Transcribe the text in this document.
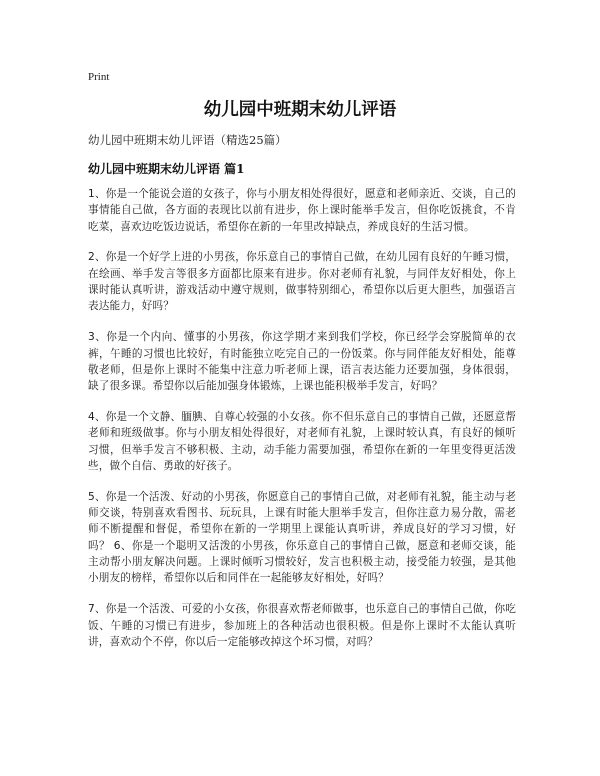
Print
幼儿园中班期末幼儿评语
幼儿园中班期末幼儿评语（精选25篇）
幼儿园中班期末幼儿评语 篇1

1、你是一个能说会道的女孩子，你与小朋友相处得很好，愿意和老师亲近、交谈，自己的事情能自己做，各方面的表现比以前有进步，你上课时能举手发言，但你吃饭挑食，不肯吃菜，喜欢边吃饭边说话，希望你在新的一年里改掉缺点，养成良好的生活习惯。

2、你是一个好学上进的小男孩，你乐意自己的事情自己做，在幼儿园有良好的午睡习惯，在绘画、举手发言等很多方面都比原来有进步。你对老师有礼貌，与同伴友好相处，你上课时能认真听讲，游戏活动中遵守规则，做事特别细心，希望你以后更大胆些，加强语言表达能力，好吗？

3、你是一个内向、懂事的小男孩，你这学期才来到我们学校，你已经学会穿脱简单的衣裤，午睡的习惯也比较好，有时能独立吃完自己的一份饭菜。你与同伴能友好相处，能尊敬老师，但是你上课时不能集中注意力听老师上课，语言表达能力还要加强，身体很弱，缺了很多课。希望你以后能加强身体锻炼，上课也能积极举手发言，好吗？

4、你是一个文静、腼腆、自尊心较强的小女孩。你不但乐意自己的事情自己做，还愿意帮老师和班级做事。你与小朋友相处得很好，对老师有礼貌，上课时较认真，有良好的倾听习惯，但举手发言不够积极、主动，动手能力需要加强，希望你在新的一年里变得更活泼些，做个自信、勇敢的好孩子。

5、你是一个活泼、好动的小男孩，你愿意自己的事情自己做，对老师有礼貌，能主动与老师交谈，特别喜欢看图书、玩玩具，上课有时能大胆举手发言，但你注意力易分散，需老师不断提醒和督促，希望你在新的一学期里上课能认真听讲，养成良好的学习习惯，好吗？ 6、你是一个聪明又活泼的小男孩，你乐意自己的事情自己做，愿意和老师交谈，能主动帮小朋友解决问题。上课时倾听习惯较好，发言也积极主动，接受能力较强，是其他小朋友的榜样，希望你以后和同伴在一起能够友好相处，好吗？

7、你是一个活泼、可爱的小女孩，你很喜欢帮老师做事，也乐意自己的事情自己做，你吃饭、午睡的习惯已有进步，参加班上的各种活动也很积极。但是你上课时不太能认真听讲，喜欢动个不停，你以后一定能够改掉这个坏习惯，对吗？
